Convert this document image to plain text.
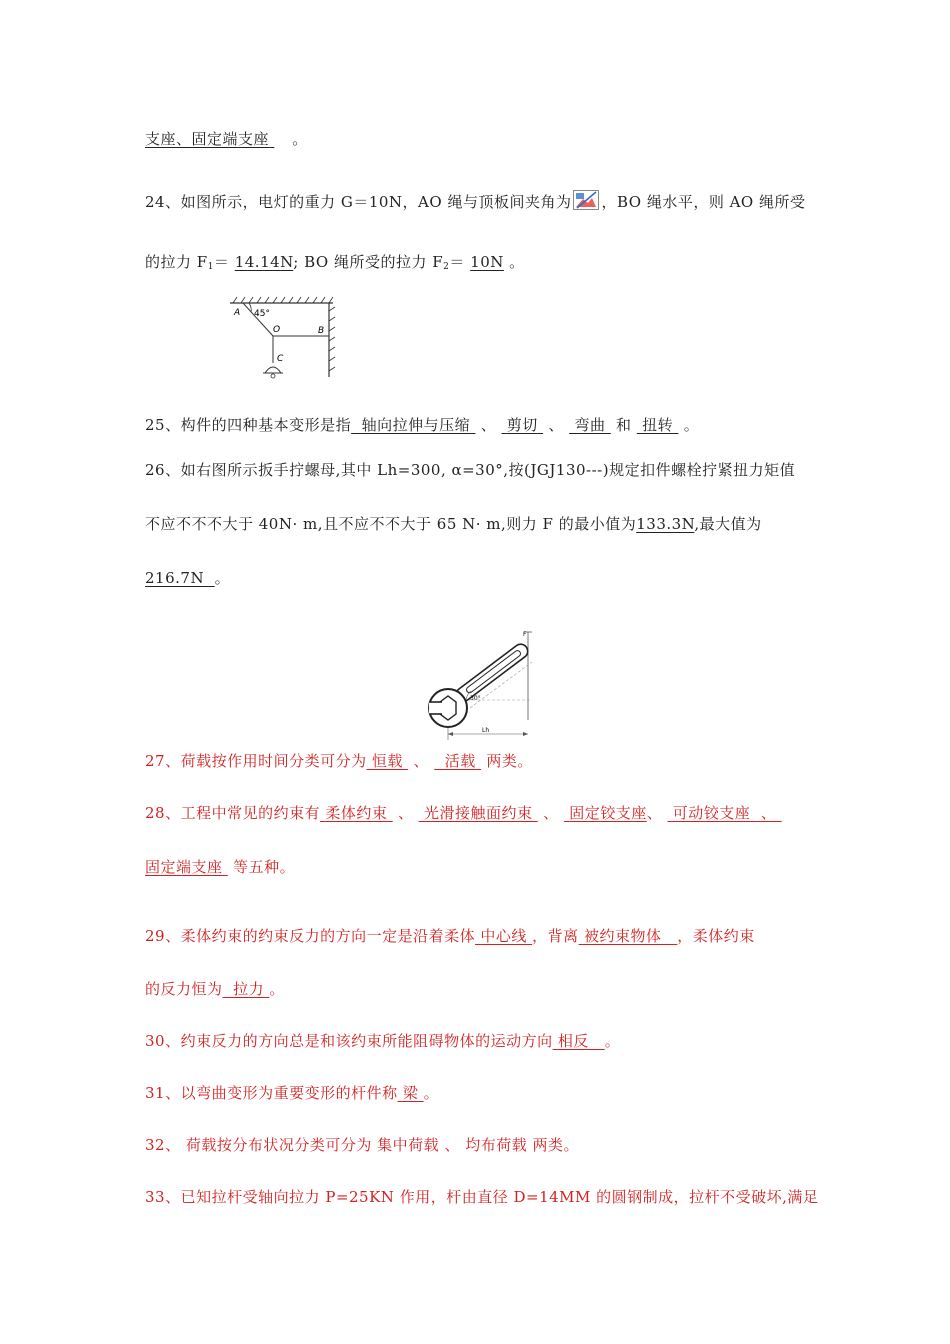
支座、固定端支座 。
24、如图所示，电灯的重力 G＝10N，AO 绳与顶板间夹角为 ，BO 绳水平，则 AO 绳所受
的拉力 $F_1= 14.14N$; BO 绳所受的拉力 $F_2= 10N$ 。
A 45°
O	B
C
25、构件的四种基本变形是指 轴向拉伸与压缩 、 剪切 、 弯曲 和 扭转 。
26、如右图所示扳手拧螺母,其中 Lh=300, α=30°,按(JGJ130---)规定扣件螺栓拧紧扭力矩值
不应不不不大于 40N· m,且不应不不大于 65 N· m,则力 F 的最小值为133.3N,最大值为
216.7N 。
F
30°
Lh
27、荷载按作用时间分类可分为 恒载 、 活载 两类。
28、工程中常见的约束有 柔体约束 、 光滑接触面约束 、 固定铰支座、 可动铰支座 、
固定端支座 等五种。
29、柔体约束的约束反力的方向一定是沿着柔体 中心线 ，背离 被约束物体 ，柔体约束
的反力恒为 拉力 。
30、约束反力的方向总是和该约束所能阻碍物体的运动方向 相反 。
31、以弯曲变形为重要变形的杆件称 梁 。
32、 荷载按分布状况分类可分为 集中荷载 、 均布荷载 两类。
33、已知拉杆受轴向拉力 P=25KN 作用，杆由直径 D=14MM 的圆钢制成，拉杆不受破坏,满足
